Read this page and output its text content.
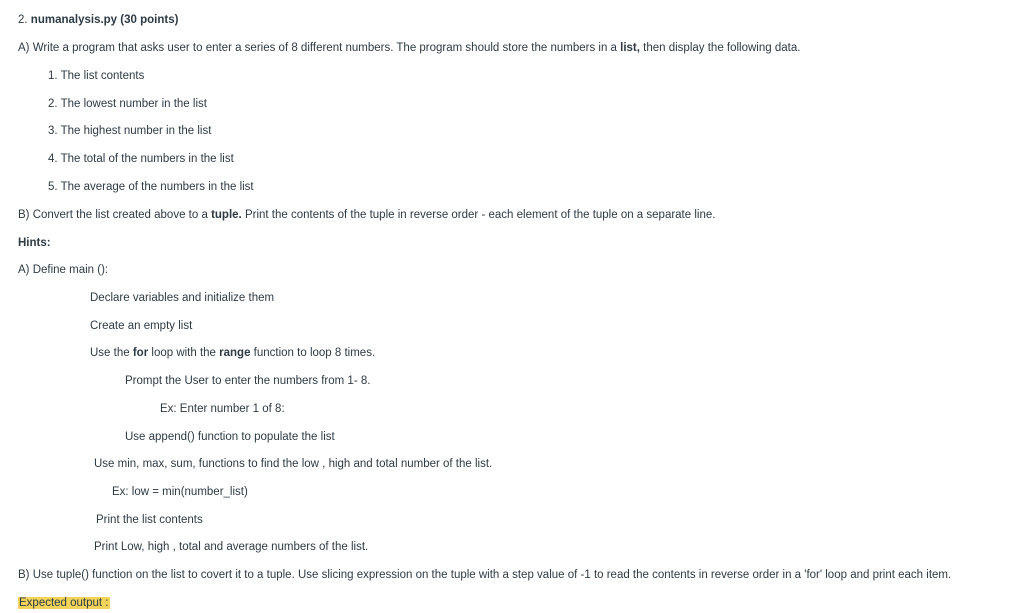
2. numanalysis.py (30 points)
A) Write a program that asks user to enter a series of 8 different numbers. The program should store the numbers in a list, then display the following data.
1. The list contents
2. The lowest number in the list
3. The highest number in the list
4. The total of the numbers in the list
5. The average of the numbers in the list
B) Convert the list created above to a tuple. Print the contents of the tuple in reverse order - each element of the tuple on a separate line.
Hints:
A) Define main ():
Declare variables and initialize them
Create an empty list
Use the for loop with the range function to loop 8 times.
Prompt the User to enter the numbers from 1- 8.
Ex: Enter number 1 of 8:
Use append() function to populate the list
Use min, max, sum, functions to find the low , high and total number of the list.
Ex: low = min(number_list)
Print the list contents
Print Low, high , total and average numbers of the list.
B) Use tuple() function on the list to covert it to a tuple. Use slicing expression on the tuple with a step value of -1 to read the contents in reverse order in a 'for' loop and print each item.
Expected output :
